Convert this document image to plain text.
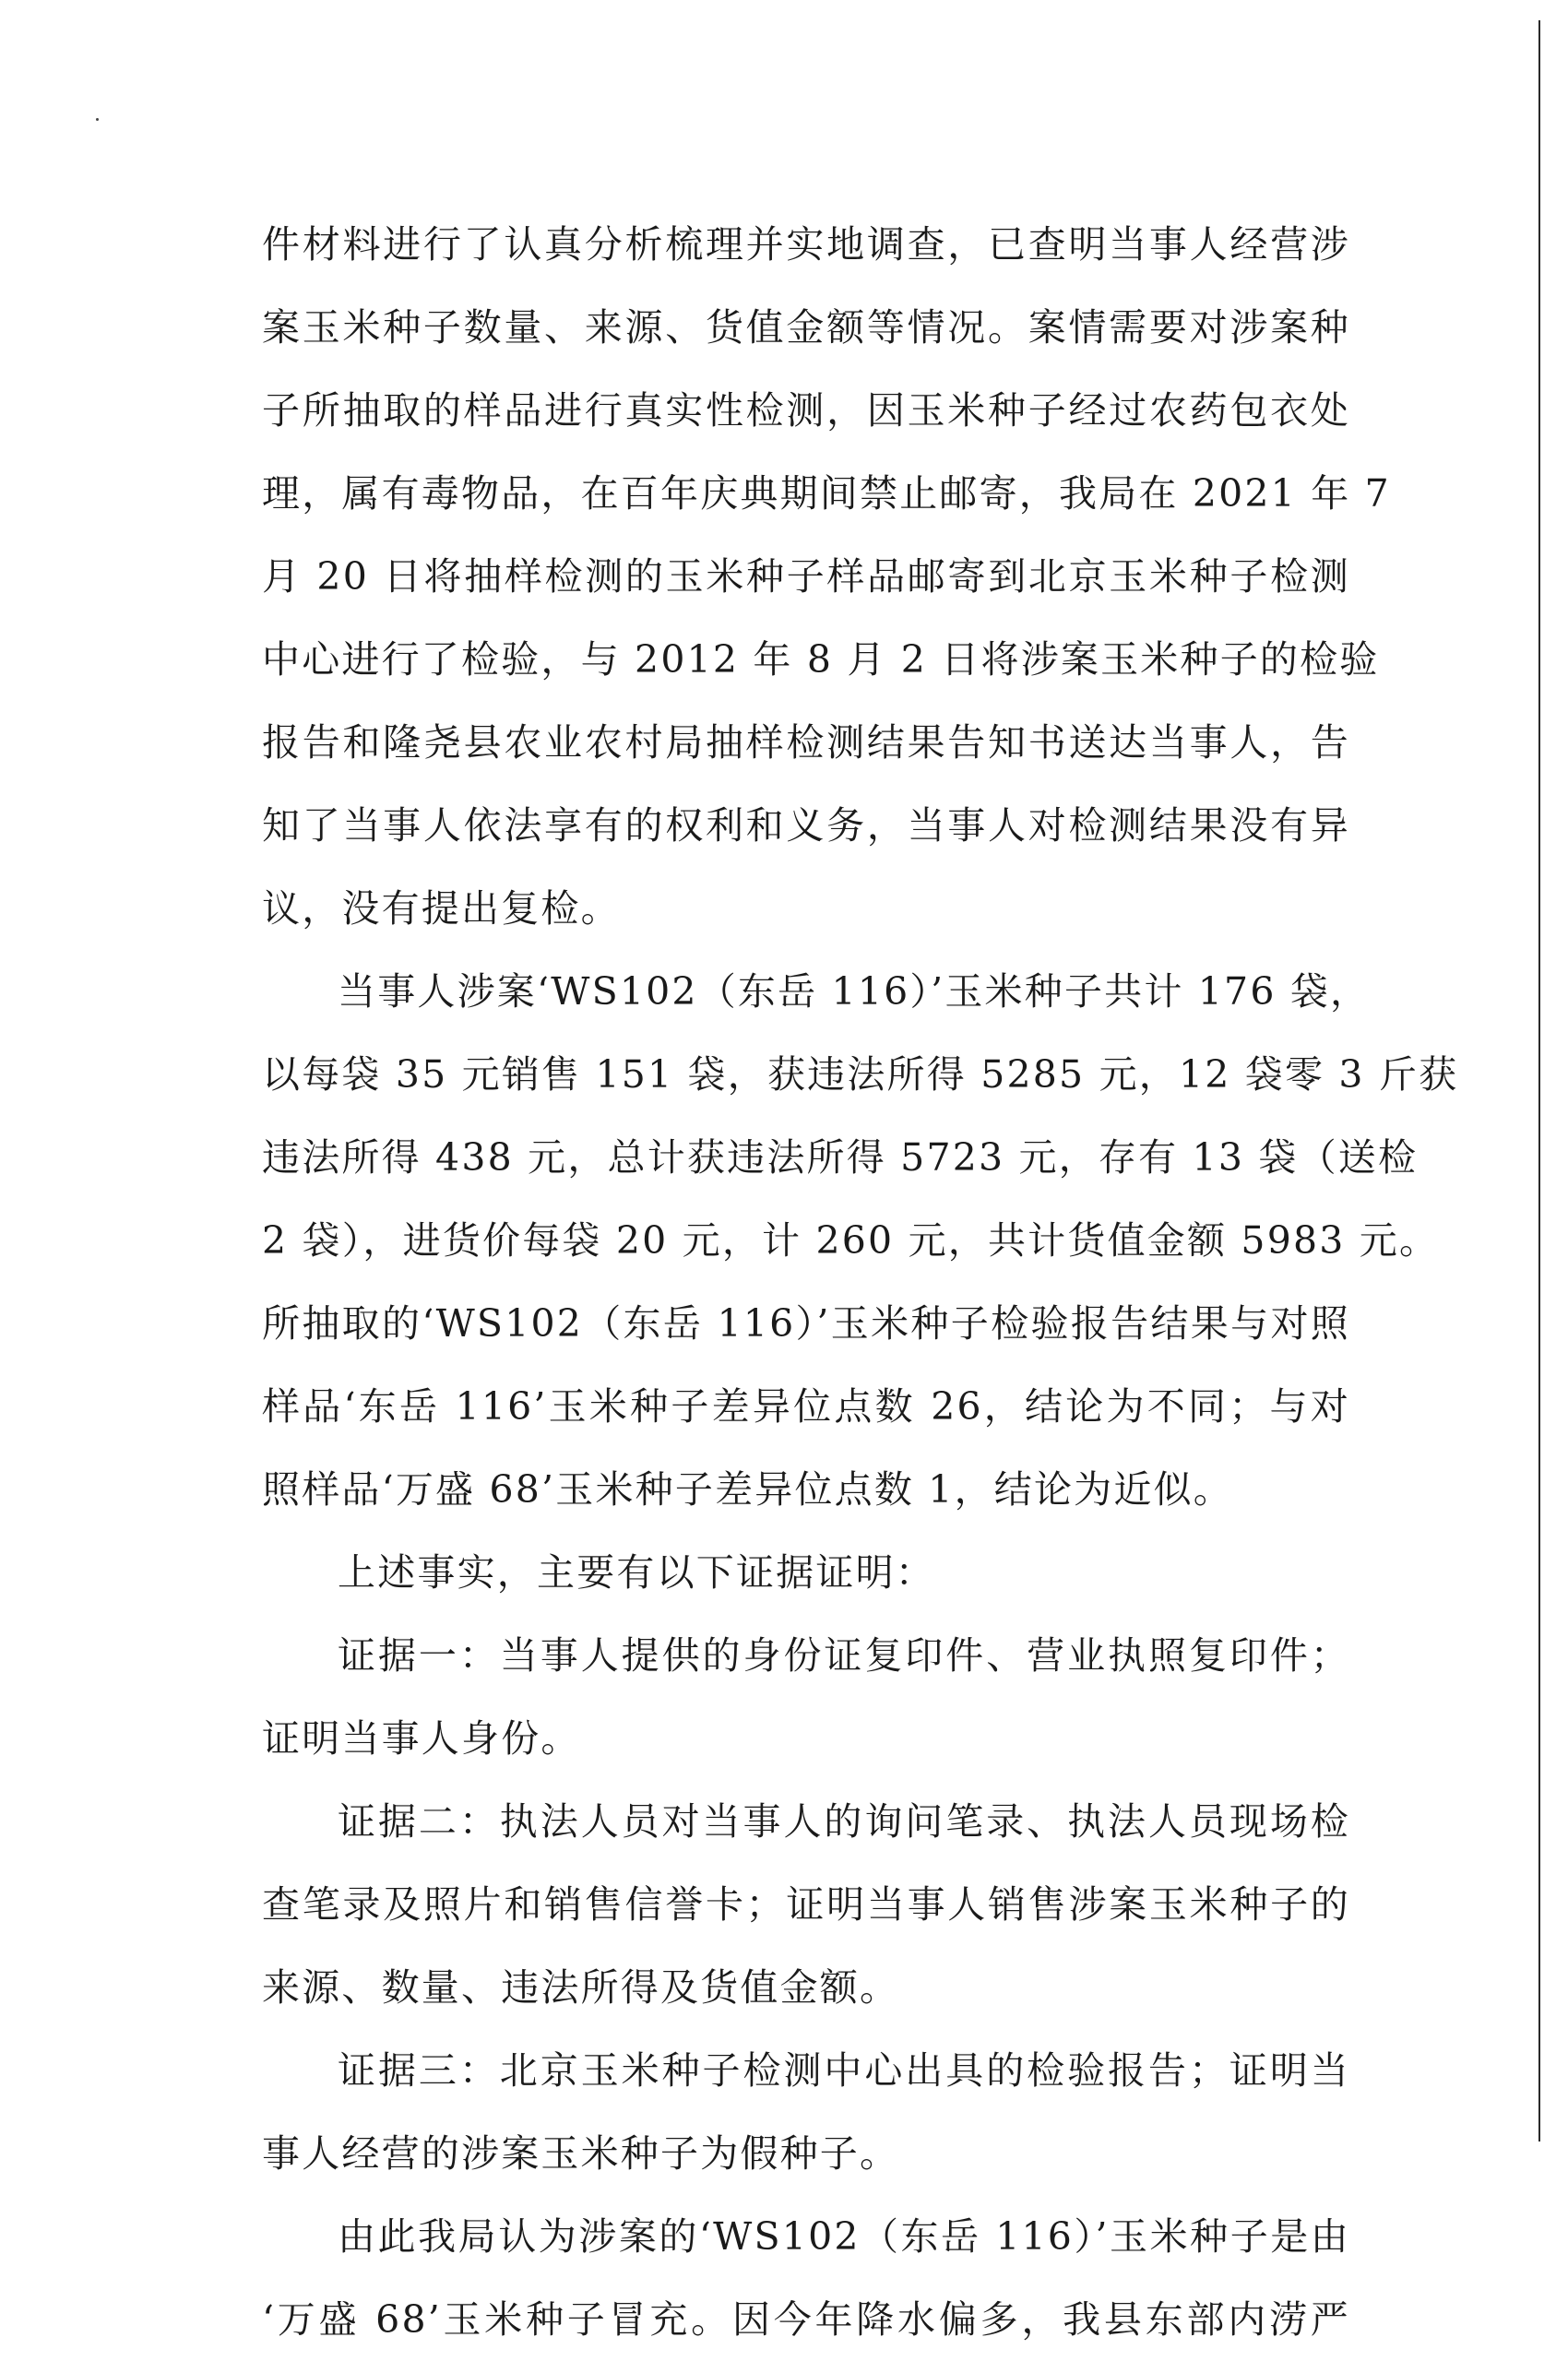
件材料进行了认真分析梳理并实地调查，已查明当事人经营涉
案玉米种子数量、来源、货值金额等情况。案情需要对涉案种
子所抽取的样品进行真实性检测，因玉米种子经过农药包衣处
理，属有毒物品，在百年庆典期间禁止邮寄，我局在 2021 年 7
月 20 日将抽样检测的玉米种子样品邮寄到北京玉米种子检测
中心进行了检验，与 2012 年 8 月 2 日将涉案玉米种子的检验
报告和隆尧县农业农村局抽样检测结果告知书送达当事人，告
知了当事人依法享有的权利和义务，当事人对检测结果没有异
议，没有提出复检。
当事人涉案‘WS102（东岳 116）’玉米种子共计 176 袋，
以每袋 35 元销售 151 袋，获违法所得 5285 元，12 袋零 3 斤获
违法所得 438 元，总计获违法所得 5723 元，存有 13 袋（送检
2 袋），进货价每袋 20 元，计 260 元，共计货值金额 5983 元。
所抽取的‘WS102（东岳 116）’玉米种子检验报告结果与对照
样品‘东岳 116’玉米种子差异位点数 26，结论为不同；与对
照样品‘万盛 68’玉米种子差异位点数 1，结论为近似。
上述事实，主要有以下证据证明：
证据一：当事人提供的身份证复印件、营业执照复印件；
证明当事人身份。
证据二：执法人员对当事人的询问笔录、执法人员现场检
查笔录及照片和销售信誉卡；证明当事人销售涉案玉米种子的
来源、数量、违法所得及货值金额。
证据三：北京玉米种子检测中心出具的检验报告；证明当
事人经营的涉案玉米种子为假种子。
由此我局认为涉案的‘WS102（东岳 116）’玉米种子是由
‘万盛 68’玉米种子冒充。因今年降水偏多，我县东部内涝严
